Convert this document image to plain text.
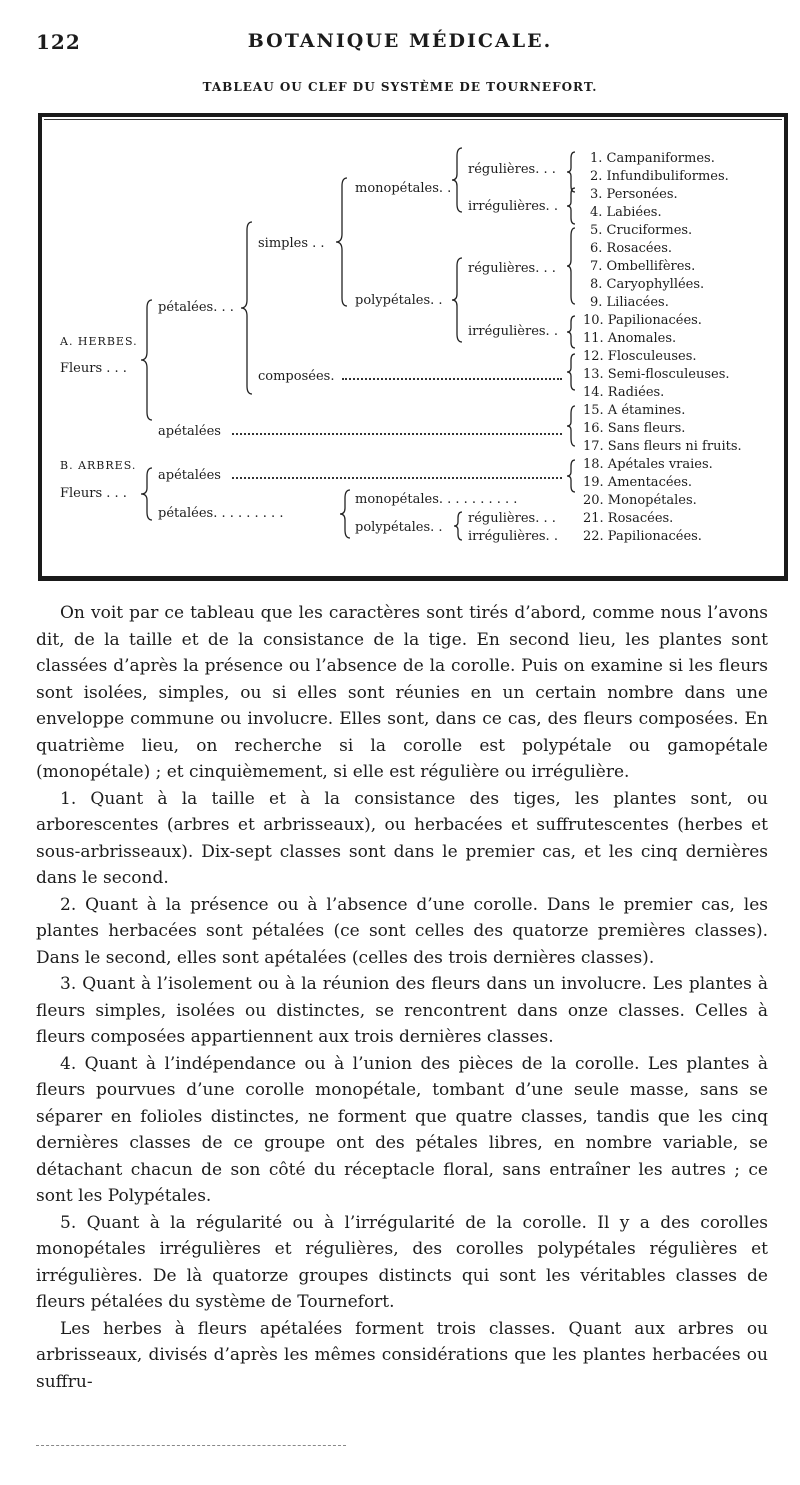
122	BOTANIQUE MÉDICALE.
TABLEAU OU CLEF DU SYSTÈME DE TOURNEFORT.
A. HERBES.
Fleurs . . .
B. ARBRES.
Fleurs . . .
pétalées. . .
apétalées
simples . .
composées.
monopétales. .
polypétales. .
régulières. . .
irrégulières. .
régulières. . .
irrégulières. .
apétalées
pétalées. . . . . . . . .
monopétales. . . . . . . . . .
polypétales. .
régulières. . .
irrégulières. .
1. Campaniformes.
2. Infundibuliformes.
3. Personées.
4. Labiées.
5. Cruciformes.
6. Rosacées.
7. Ombellifères.
8. Caryophyllées.
9. Liliacées.
10. Papilionacées.
11. Anomales.
12. Flosculeuses.
13. Semi-flosculeuses.
14. Radiées.
15. A étamines.
16. Sans fleurs.
17. Sans fleurs ni fruits.
18. Apétales vraies.
19. Amentacées.
20. Monopétales.
21. Rosacées.
22. Papilionacées.

On voit par ce tableau que les caractères sont tirés d’abord, comme nous l’avons dit, de la taille et de la consistance de la tige. En second lieu, les plantes sont classées d’après la présence ou l’absence de la corolle. Puis on examine si les fleurs sont isolées, simples, ou si elles sont réunies en un certain nombre dans une enveloppe commune ou involucre. Elles sont, dans ce cas, des fleurs composées. En quatrième lieu, on recherche si la corolle est polypétale ou gamopétale (monopétale) ; et cinquièmement, si elle est régulière ou irrégulière.

1. Quant à la taille et à la consistance des tiges, les plantes sont, ou arborescentes (arbres et arbrisseaux), ou herbacées et suffrutescentes (herbes et sous-arbrisseaux). Dix-sept classes sont dans le premier cas, et les cinq dernières dans le second.

2. Quant à la présence ou à l’absence d’une corolle. Dans le premier cas, les plantes herbacées sont pétalées (ce sont celles des quatorze premières classes). Dans le second, elles sont apétalées (celles des trois dernières classes).

3. Quant à l’isolement ou à la réunion des fleurs dans un involucre. Les plantes à fleurs simples, isolées ou distinctes, se rencontrent dans onze classes. Celles à fleurs composées appartiennent aux trois dernières classes.

4. Quant à l’indépendance ou à l’union des pièces de la corolle. Les plantes à fleurs pourvues d’une corolle monopétale, tombant d’une seule masse, sans se séparer en folioles distinctes, ne forment que quatre classes, tandis que les cinq dernières classes de ce groupe ont des pétales libres, en nombre variable, se détachant chacun de son côté du réceptacle floral, sans entraîner les autres ; ce sont les Polypétales.

5. Quant à la régularité ou à l’irrégularité de la corolle. Il y a des corolles monopétales irrégulières et régulières, des corolles polypétales régulières et irrégulières. De là quatorze groupes distincts qui sont les véritables classes de fleurs pétalées du système de Tournefort.

Les herbes à fleurs apétalées forment trois classes. Quant aux arbres ou arbrisseaux, divisés d’après les mêmes considérations que les plantes herbacées ou suffru-
